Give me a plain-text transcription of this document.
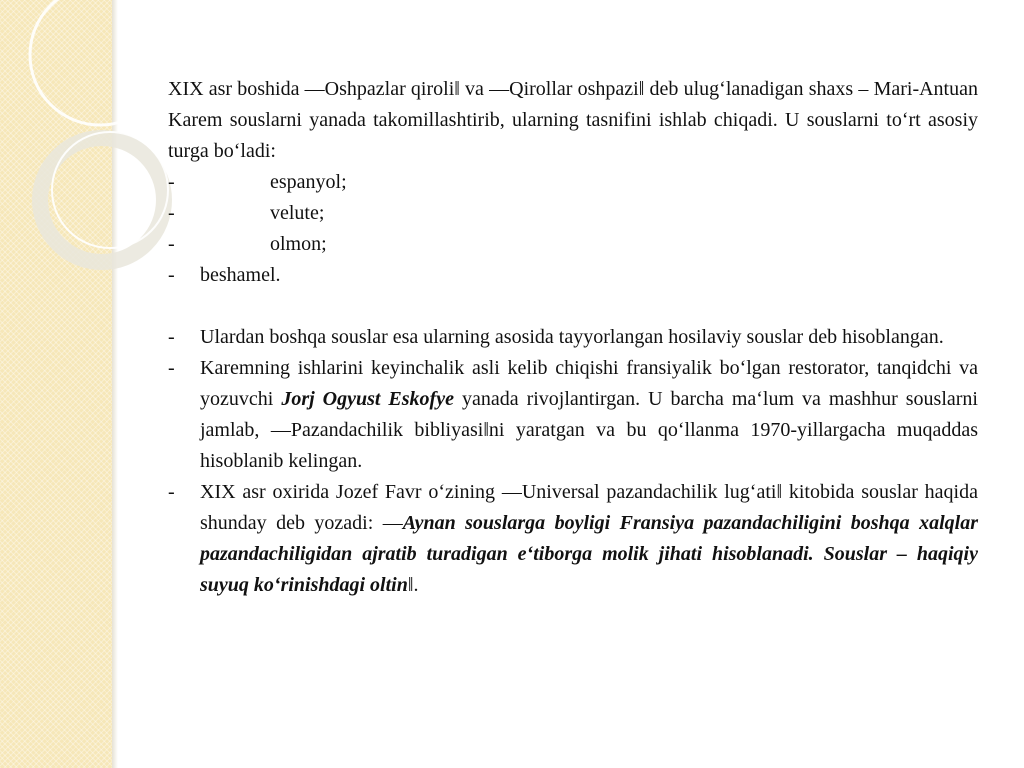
XIX asr boshida ―Oshpazlar qiroli‖ va ―Qirollar oshpazi‖ deb ulug‘lanadigan shaxs – Mari-Antuan Karem souslarni yanada takomillashtirib, ularning tasnifini ishlab chiqadi. U souslarni to‘rt asosiy turga bo‘ladi:

-	espanyol;
-	velute;
-	olmon;
-	beshamel.
-	Ulardan boshqa souslar esa ularning asosida tayyorlangan hosilaviy souslar deb hisoblangan.
-	Karemning ishlarini keyinchalik asli kelib chiqishi fransiyalik bo‘lgan restorator, tanqidchi va yozuvchi Jorj Ogyust Eskofye yanada rivojlantirgan. U barcha ma‘lum va mashhur souslarni jamlab, ―Pazandachilik bibliyasi‖ni yaratgan va bu qo‘llanma 1970-yillargacha muqaddas hisoblanib kelingan.
-	XIX asr oxirida Jozef Favr o‘zining ―Universal pazandachilik lug‘ati‖ kitobida souslar haqida shunday deb yozadi: ―Aynan souslarga boyligi Fransiya pazandachiligini boshqa xalqlar pazandachiligidan ajratib turadigan e‘tiborga molik jihati hisoblanadi. Souslar – haqiqiy suyuq ko‘rinishdagi oltin‖.
